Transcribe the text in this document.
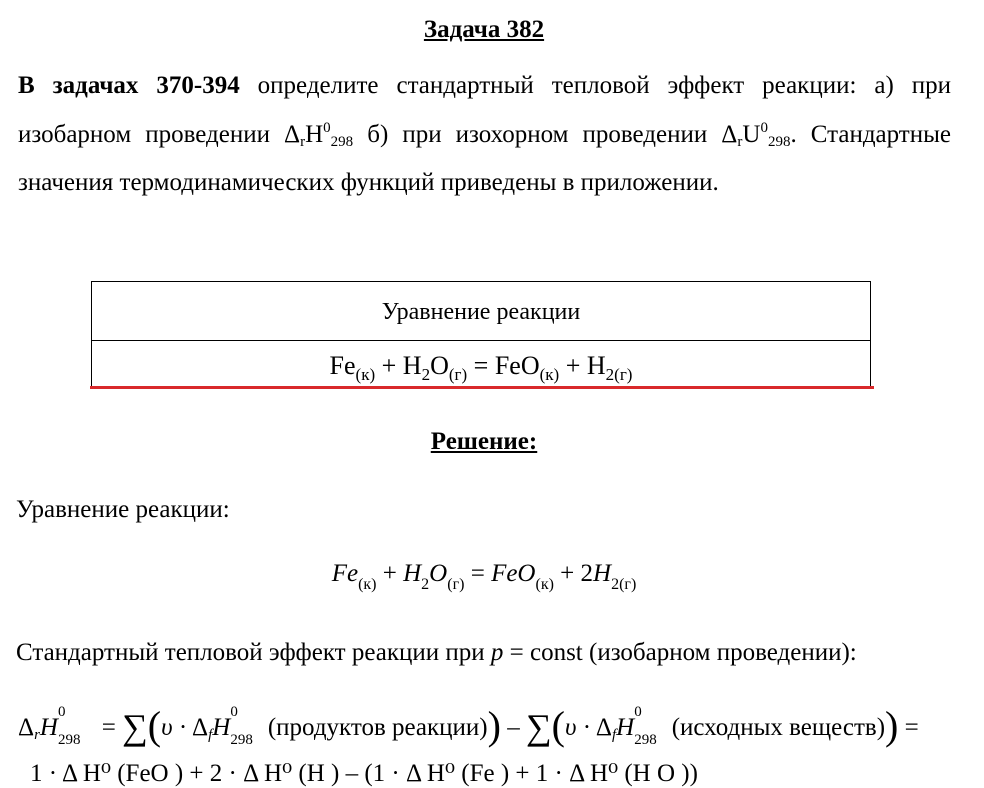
Задача 382
В задачах 370-394 определите стандартный тепловой эффект реакции: а) при изобарном проведении $\Delta_rH^0_{298}$ б) при изохорном проведении $\Delta_rU^0_{298}$. Стандартные значения термодинамических функций приведены в приложении.
Уравнение реакции
$Fe_{(к)} + H_2O_{(г)} = FeO_{(к)} + H_{2(г)}$
Решение:
Уравнение реакции:
$Fe_{(к)} + H_2O_{(г)} = FeO_{(к)} + 2H_{2(г)}$
Стандартный тепловой эффект реакции при p = const (изобарном проведении):
$\Delta_rH$
0
$298 = \sum(\upsilon \cdot \Delta_fH$
0
298 (продуктов реакции)) – $\sum(\upsilon \cdot \Delta_fH$
0
298 (исходных веществ)) =
1 · Δ H⁰ (FeO ) + 2 · Δ H⁰ (H ) – (1 · Δ H⁰ (Fe ) + 1 · Δ H⁰ (H O ))
